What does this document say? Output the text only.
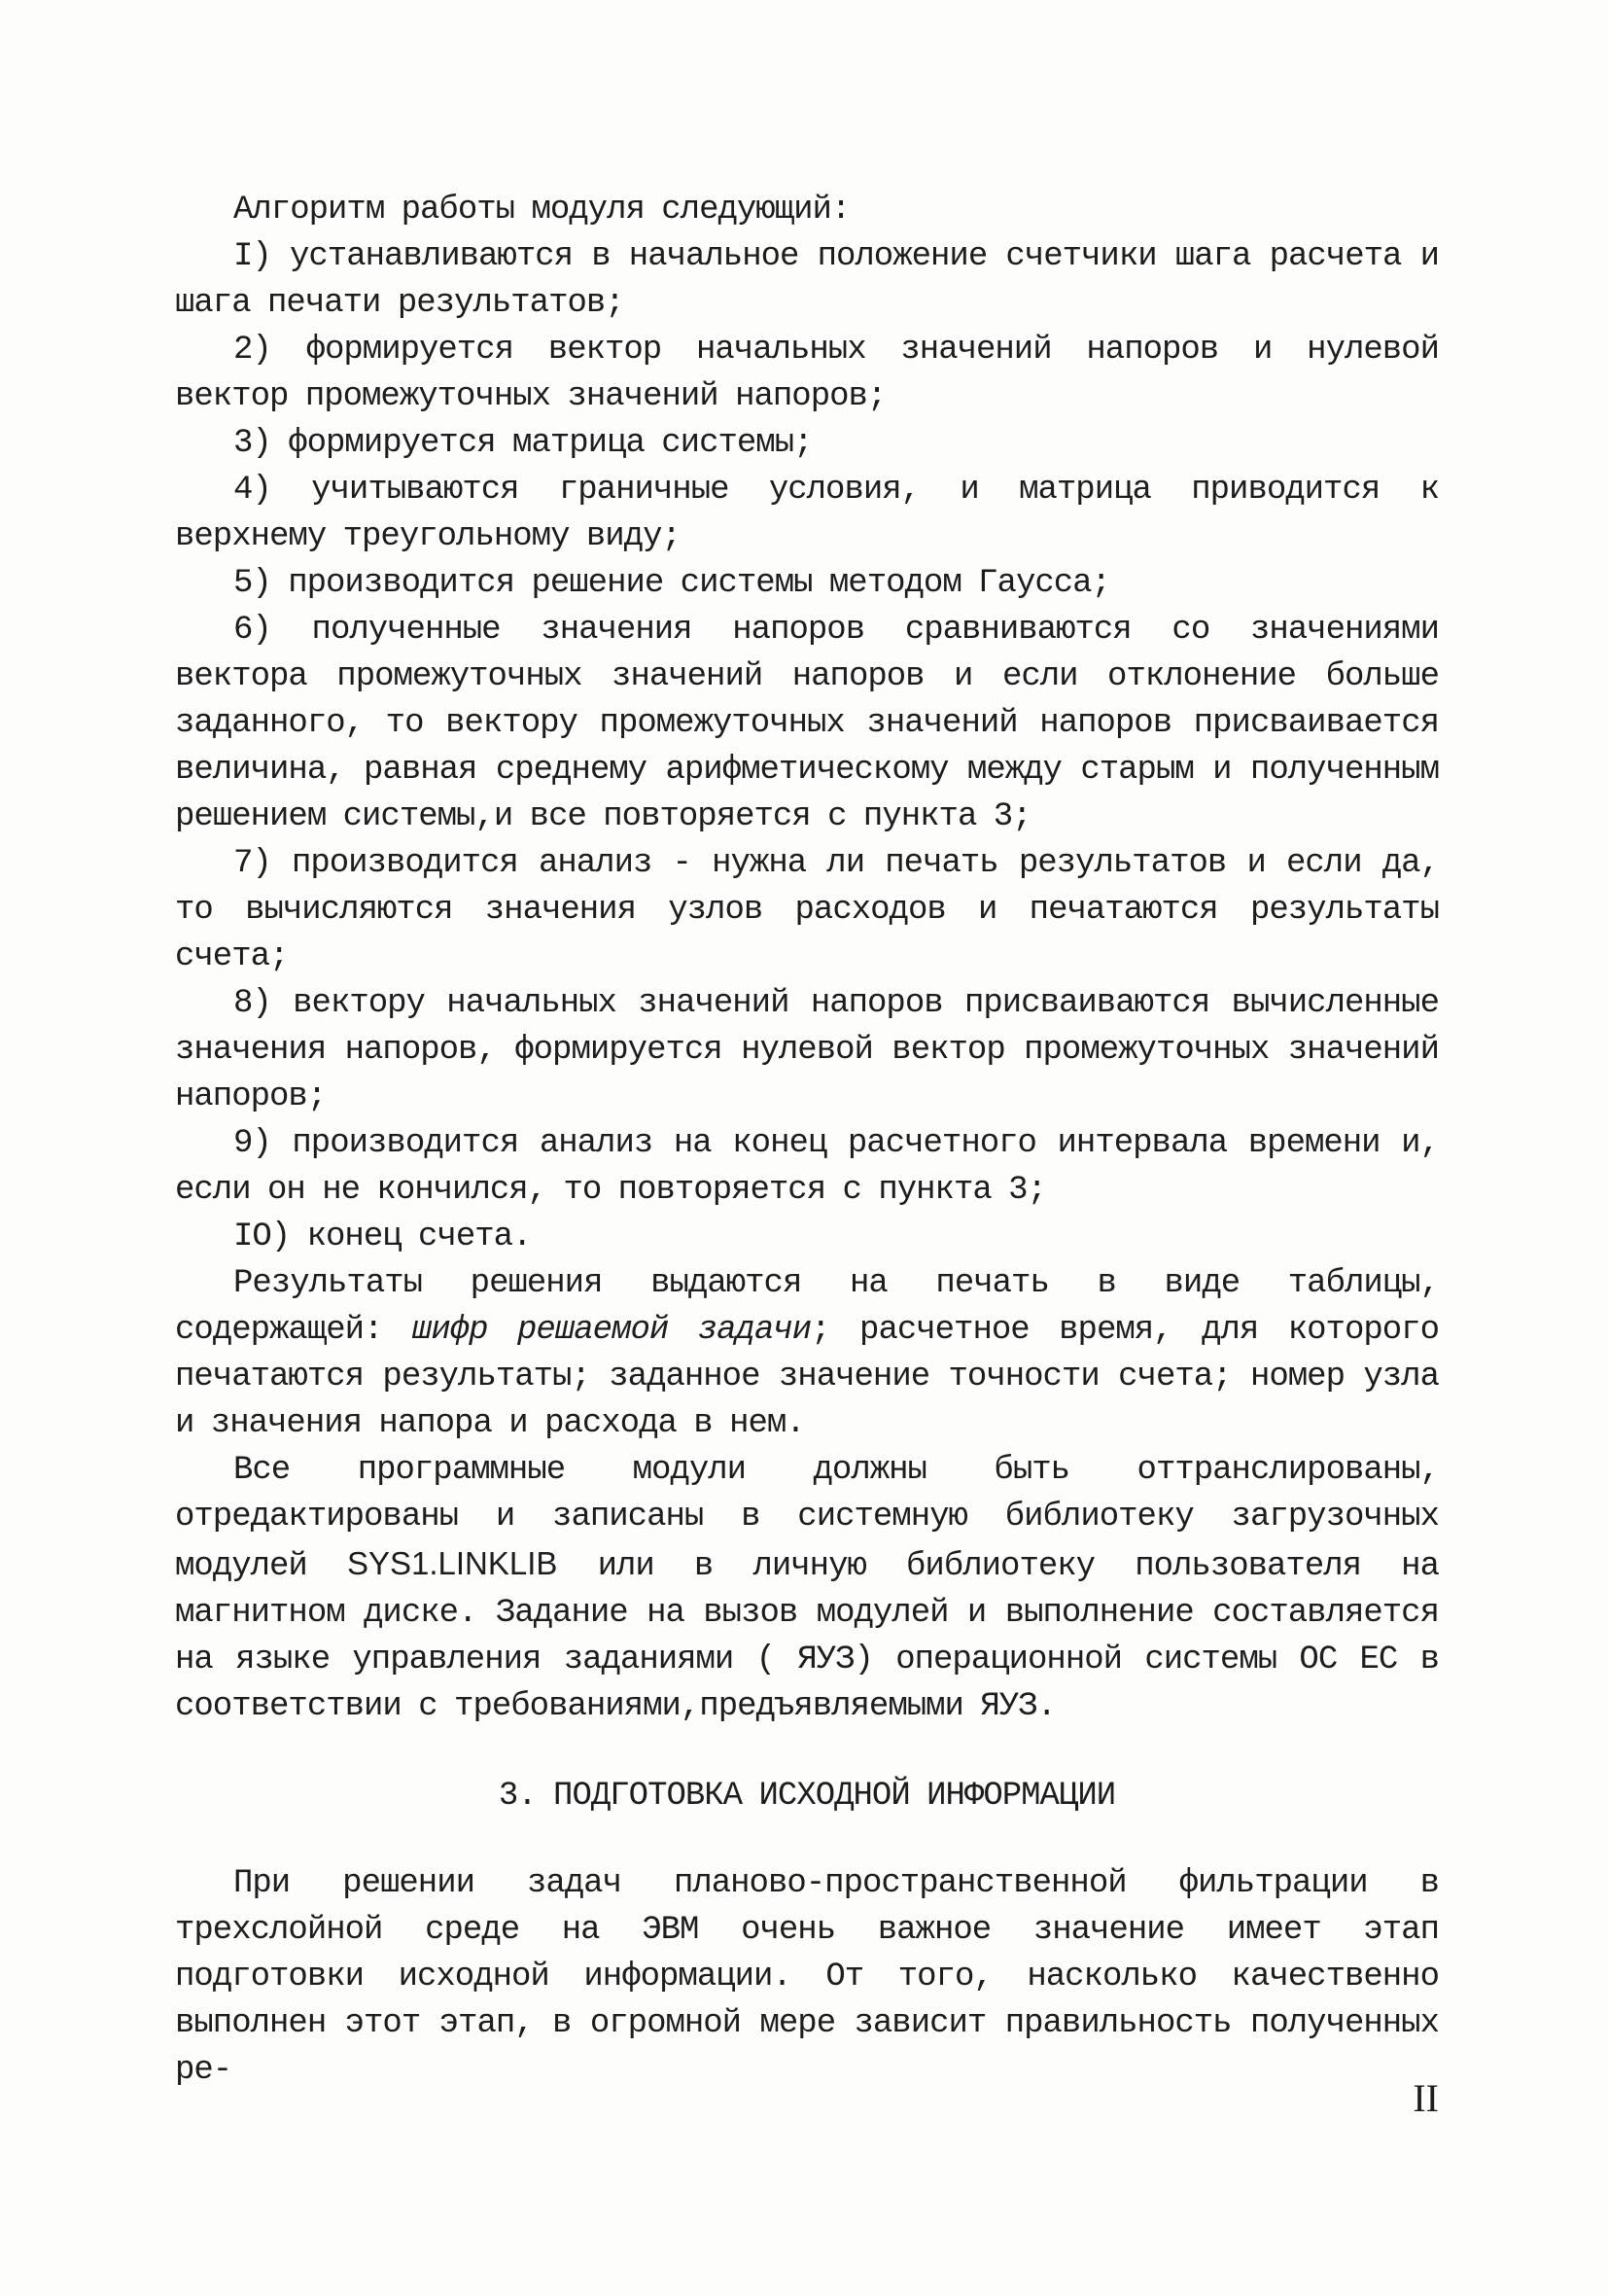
Алгоритм работы модуля следующий:

I) устанавливаются в начальное положение счетчики шага расчета и шага печати результатов;

2) формируется вектор начальных значений напоров и нулевой вектор промежуточных значений напоров;

3) формируется матрица системы;

4) учитываются граничные условия, и матрица приводится к верхнему треугольному виду;

5) производится решение системы методом Гаусса;

6) полученные значения напоров сравниваются со значениями вектора промежуточных значений напоров и если отклонение больше заданного, то вектору промежуточных значений напоров присваивается величина, равная среднему арифметическому между старым и полученным решением системы,и все повторяется с пункта 3;

7) производится анализ - нужна ли печать результатов и если да, то вычисляются значения узлов расходов и печатаются результаты счета;

8) вектору начальных значений напоров присваиваются вычисленные значения напоров, формируется нулевой вектор промежуточных значений напоров;

9) производится анализ на конец расчетного интервала времени и, если он не кончился, то повторяется с пункта 3;

IO) конец счета.

Результаты решения выдаются на печать в виде таблицы, содержащей: шифр решаемой задачи; расчетное время, для которого печатаются результаты; заданное значение точности счета; номер узла и значения напора и расхода в нем.

Все программные модули должны быть оттранслированы, отредактированы и записаны в системную библиотеку загрузочных модулей SYS1.LINKLIB или в личную библиотеку пользователя на магнитном диске. Задание на вызов модулей и выполнение составляется на языке управления заданиями ( ЯУЗ) операционной системы ОС ЕС в соответствии с требованиями,предъявляемыми ЯУЗ.

3. ПОДГОТОВКА ИСХОДНОЙ ИНФОРМАЦИИ

При решении задач планово-пространственной фильтрации в трехслойной среде на ЭВМ очень важное значение имеет этап подготовки исходной информации. От того, насколько качественно выполнен этот этап, в огромной мере зависит правильность полученных ре-

II
